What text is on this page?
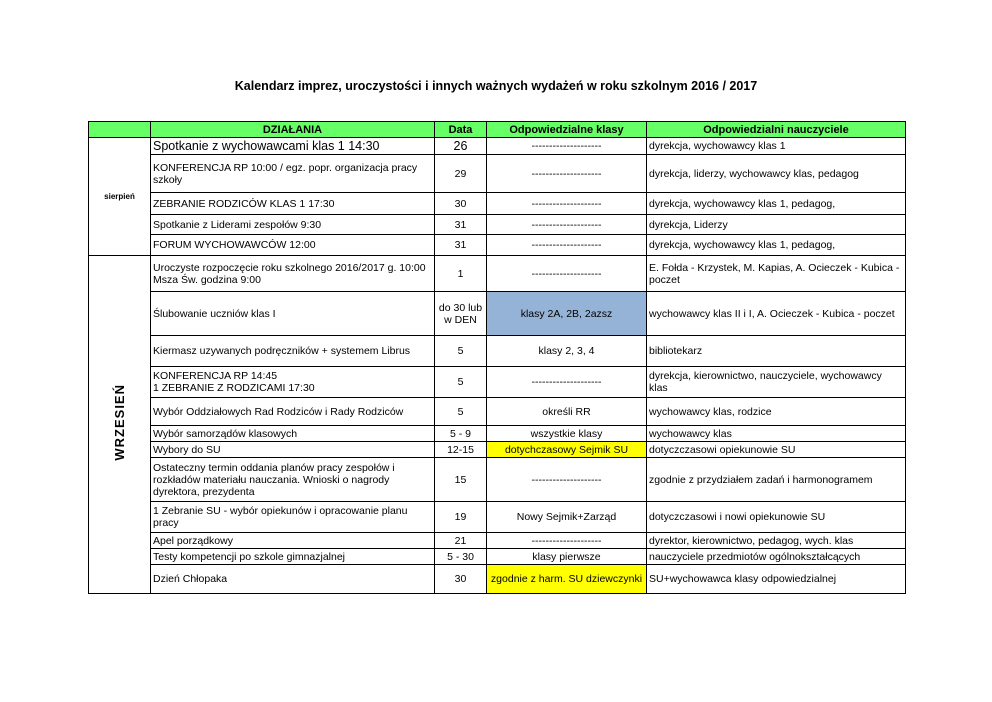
Kalendarz imprez, uroczystości i innych ważnych wydażeń w roku szkolnym 2016 / 2017
	DZIAŁANIA	Data	Odpowiedzialne klasy	Odpowiedzialni nauczyciele
sierpień	Spotkanie z wychowawcami klas 1 14:30	26	--------------------	dyrekcja, wychowawcy klas 1
	KONFERENCJA RP 10:00 / egz. popr. organizacja pracy szkoły	29	--------------------	dyrekcja, liderzy, wychowawcy klas, pedagog
	ZEBRANIE RODZICÓW KLAS 1 17:30	30	--------------------	dyrekcja, wychowawcy klas 1, pedagog,
	Spotkanie z Liderami zespołów 9:30	31	--------------------	dyrekcja, Liderzy
	FORUM WYCHOWAWCÓW 12:00	31	--------------------	dyrekcja, wychowawcy klas 1, pedagog,
WRZESIEŃ	Uroczyste rozpoczęcie roku szkolnego 2016/2017 g. 10:00 Msza Św. godzina 9:00	1	--------------------	E. Fołda - Krzystek, M. Kapias, A. Ocieczek - Kubica - poczet
	Ślubowanie uczniów klas I	do 30 lub w DEN	klasy 2A, 2B, 2azsz	wychowawcy klas II i I, A. Ocieczek - Kubica - poczet
	Kiermasz uzywanych podręczników + systemem Librus	5	klasy 2, 3, 4	bibliotekarz
	KONFERENCJA RP 14:45
1 ZEBRANIE Z RODZICAMI 17:30	5	--------------------	dyrekcja, kierownictwo, nauczyciele, wychowawcy klas
	Wybór Oddziałowych Rad Rodziców i Rady Rodziców	5	określi RR	wychowawcy klas, rodzice
	Wybór samorządów klasowych	5 - 9	wszystkie klasy	wychowawcy klas
	Wybory do SU	12-15	dotychczasowy Sejmik SU	dotyczczasowi opiekunowie SU
	Ostateczny termin oddania planów pracy zespołów i rozkładów materiału nauczania. Wnioski o nagrody dyrektora, prezydenta	15	--------------------	zgodnie z przydziałem zadań i harmonogramem
	1 Zebranie SU - wybór opiekunów i opracowanie planu pracy	19	Nowy Sejmik+Zarząd	dotyczczasowi i nowi opiekunowie SU
	Apel porządkowy	21	--------------------	dyrektor, kierownictwo, pedagog, wych. klas
	Testy kompetencji po szkole gimnazjalnej	5 - 30	klasy pierwsze	nauczyciele przedmiotów ogólnokształcących
	Dzień Chłopaka	30	zgodnie z harm. SU dziewczynki	SU+wychowawca klasy odpowiedzialnej
